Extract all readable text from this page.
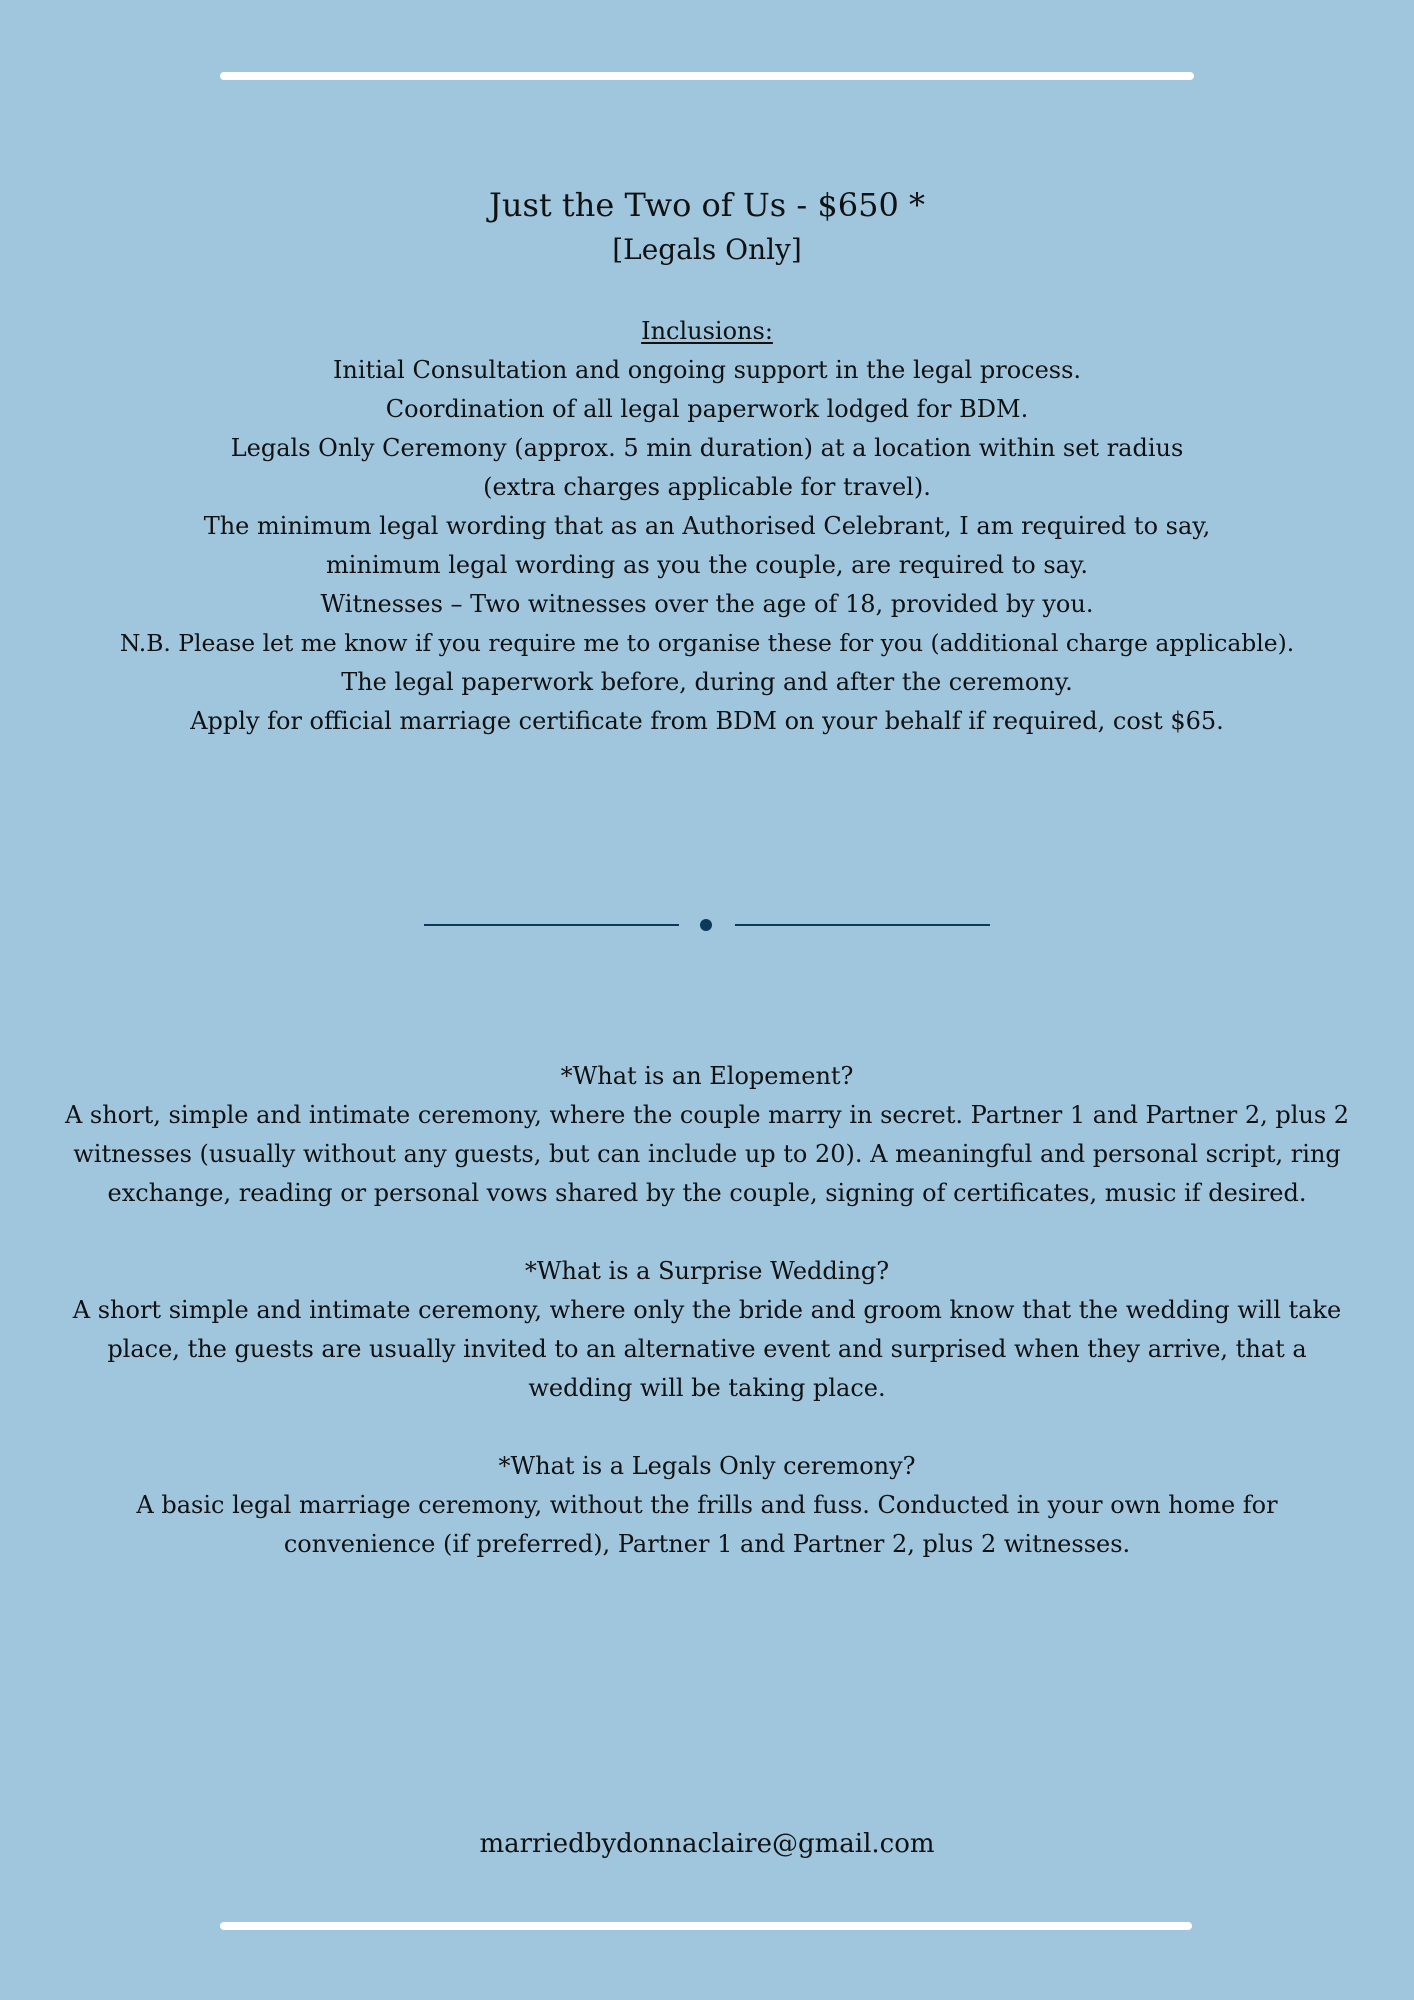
Just the Two of Us - $650 *
[Legals Only]
Inclusions:
Initial Consultation and ongoing support in the legal process.
Coordination of all legal paperwork lodged for BDM.
Legals Only Ceremony (approx. 5 min duration) at a location within set radius
(extra charges applicable for travel).
The minimum legal wording that as an Authorised Celebrant, I am required to say,
minimum legal wording as you the couple, are required to say.
Witnesses – Two witnesses over the age of 18, provided by you.
N.B. Please let me know if you require me to organise these for you (additional charge applicable).
The legal paperwork before, during and after the ceremony.
Apply for official marriage certificate from BDM on your behalf if required, cost $65.

*What is an Elopement?

A short, simple and intimate ceremony, where the couple marry in secret. Partner 1 and Partner 2, plus 2 witnesses (usually without any guests, but can include up to 20). A meaningful and personal script, ring exchange, reading or personal vows shared by the couple, signing of certificates, music if desired.

*What is a Surprise Wedding?

A short simple and intimate ceremony, where only the bride and groom know that the wedding will take place, the guests are usually invited to an alternative event and surprised when they arrive, that a wedding will be taking place.

*What is a Legals Only ceremony?

A basic legal marriage ceremony, without the frills and fuss. Conducted in your own home for convenience (if preferred), Partner 1 and Partner 2, plus 2 witnesses.

marriedbydonnaclaire@gmail.com
